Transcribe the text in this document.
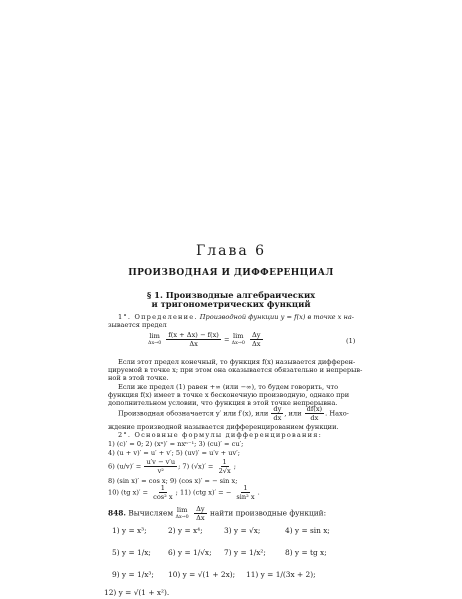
Глава 6
ПРОИЗВОДНАЯ И ДИФФЕРЕНЦИАЛ
§ 1. Производные алгебраических
и тригонометрических функций
1°. Определение. Производной функции y = f(x) в точке x на-
зывается предел
lim
Δx→0
$\frac{f(x + \Delta x) - f(x)}{\Delta x} = \lim$
Δx→0
$\frac{\Delta y}{\Delta x}$	(1)
Если этот предел конечный, то функция f(x) называется дифферен-
цируемой в точке x; при этом она оказывается обязательно и непрерыв-
ной в этой точке.
Если же предел (1) равен +∞ (или −∞), то будем говорить, что
функция f(x) имеет в точке x бесконечную производную, однако при
дополнительном условии, что функция в этой точке непрерывна.
Производная обозначается y′ или f′(x), или $\frac{dy}{dx}$ , или $\frac{df(x)}{dx}$ . Нахо-
ждение производной называется дифференцированием функции.
2°. Основные формулы дифференцирования:
1) (c)′ = 0; 2) (xⁿ)′ = nxⁿ⁻¹; 3) (cu)′ = cu′;
4) (u + v)′ = u′ + v′; 5) (uv)′ = u′v + uv′;
6) $(u/v)' = \frac{u'v - v'u}{\text{v²}}$ ; 7) $(√x)' = \frac{1}{2√x}$ ;
8) (sin x)′ = cos x; 9) (cos x)′ = − sin x;
10) (tg $x)' = \frac{1}{\text{cos² x}}$ ; 11) (ctg x)′ = − $\frac{1}{\text{sin² x}}$ .
848. Вычисляем lim
Δx→0
$\frac{\Delta y}{\Delta x}$ найти производные функций:
1) y = x³;	2) y = x⁴;	3) y = √x;	4) y = sin x;
5) y = 1/x; 6) y = 1/√x; 7) y = 1/x²;	8) y = tg x;
9) y = 1/x³; 10) y = √(1 + 2x); 11) y = 1/(3x + 2);
12) y = √(1 + x²).
